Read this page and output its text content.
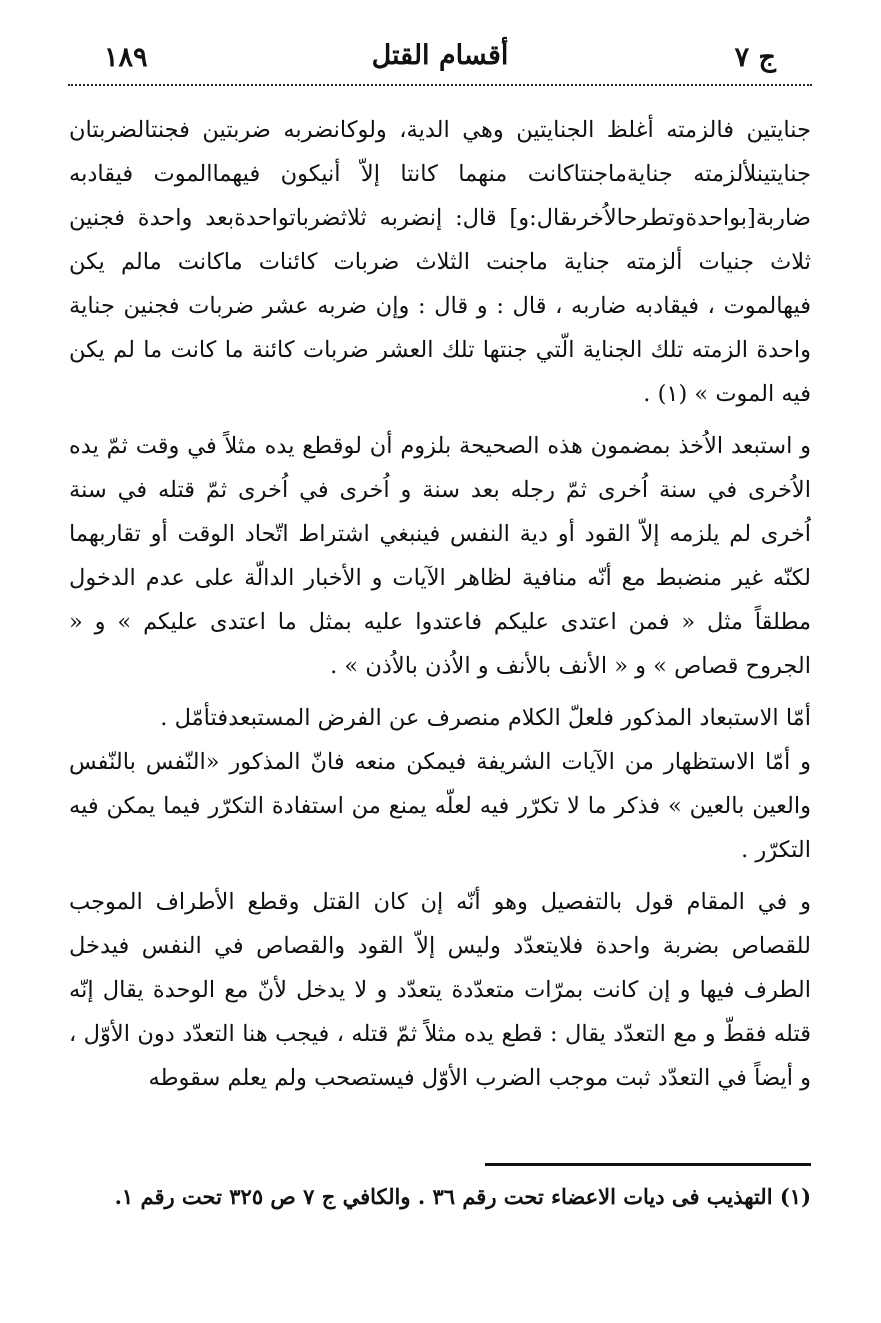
ج ٧
أقسام القتل
١٨٩

جنايتين فالزمته أغلظ الجنايتين وهي الدية، ولوكانضربه ضربتين فجنتالضربتان جنايتينلألزمته جنايةماجنتاكانت منهما كانتا إلاّ أنيكون فيهماالموت فيقادبه ضاربة[بواحدةوتطرحالاُخرىقال:و] قال: إنضربه ثلاثضرباتواحدةبعد واحدة فجنين ثلاث جنيات ألزمته جناية ماجنت الثلاث ضربات كائنات ماكانت مالم يكن فيهالموت ، فيقادبه ضاربه ، قال : و قال : وإن ضربه عشر ضربات فجنين جناية واحدة الزمته تلك الجناية الّتي جنتها تلك العشر ضربات كائنة ما كانت ما لم يكن فيه الموت » (١) .

و استبعد الاُخذ بمضمون هذه الصحيحة بلزوم أن لوقطع يده مثلاً في وقت ثمّ يده الاُخرى في سنة اُخرى ثمّ رجله بعد سنة و اُخرى في اُخرى ثمّ قتله في سنة اُخرى لم يلزمه إلاّ القود أو دية النفس فينبغي اشتراط اتّحاد الوقت أو تقاربهما لكنّه غير منضبط مع أنّه منافية لظاهر الآيات و الأخبار الدالّة على عدم الدخول مطلقاً مثل « فمن اعتدى عليكم فاعتدوا عليه بمثل ما اعتدى عليكم » و « الجروح قصاص » و « الأنف بالأنف و الاُذن بالاُذن » .

أمّا الاستبعاد المذكور فلعلّ الكلام منصرف عن الفرض المستبعدفتأمّل .

و أمّا الاستظهار من الآيات الشريفة فيمكن منعه فانّ المذكور «النّفس بالنّفس والعين بالعين » فذكر ما لا تكرّر فيه لعلّه يمنع من استفادة التكرّر فيما يمكن فيه التكرّر .

و في المقام قول بالتفصيل وهو أنّه إن كان القتل وقطع الأطراف الموجب للقصاص بضربة واحدة فلايتعدّد وليس إلاّ القود والقصاص في النفس فيدخل الطرف فيها و إن كانت بمرّات متعدّدة يتعدّد و لا يدخل لأنّ مع الوحدة يقال إنّه قتله فقطّ و مع التعدّد يقال : قطع يده مثلاً ثمّ قتله ، فيجب هنا التعدّد دون الأوّل ، و أيضاً في التعدّد ثبت موجب الضرب الأوّل فيستصحب ولم يعلم سقوطه

(١) التهذيب فى ديات الاعضاء تحت رقم ٣٦ . والكافي ج ٧ ص ٣٢٥ تحت رقم ١.
